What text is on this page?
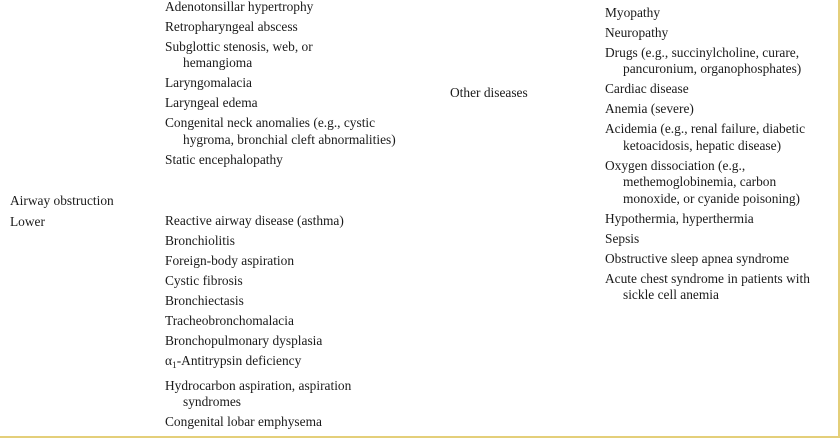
Airway obstruction
Lower
Adenotonsillar hypertrophy
Retropharyngeal abscess
Subglottic stenosis, web, or hemangioma
Laryngomalacia
Laryngeal edema
Congenital neck anomalies (e.g., cystic hygroma, bronchial cleft abnormalities)
Static encephalopathy
Reactive airway disease (asthma)
Bronchiolitis
Foreign-body aspiration
Cystic fibrosis
Bronchiectasis
Tracheobronchomalacia
Bronchopulmonary dysplasia
$\alpha_1$-Antitrypsin deficiency
Hydrocarbon aspiration, aspiration syndromes
Congenital lobar emphysema
Other diseases
Myopathy
Neuropathy
Drugs (e.g., succinylcholine, curare, pancuronium, organophosphates)
Cardiac disease
Anemia (severe)
Acidemia (e.g., renal failure, diabetic ketoacidosis, hepatic disease)
Oxygen dissociation (e.g., methemoglobinemia, carbon monoxide, or cyanide poisoning)
Hypothermia, hyperthermia
Sepsis
Obstructive sleep apnea syndrome
Acute chest syndrome in patients with sickle cell anemia
